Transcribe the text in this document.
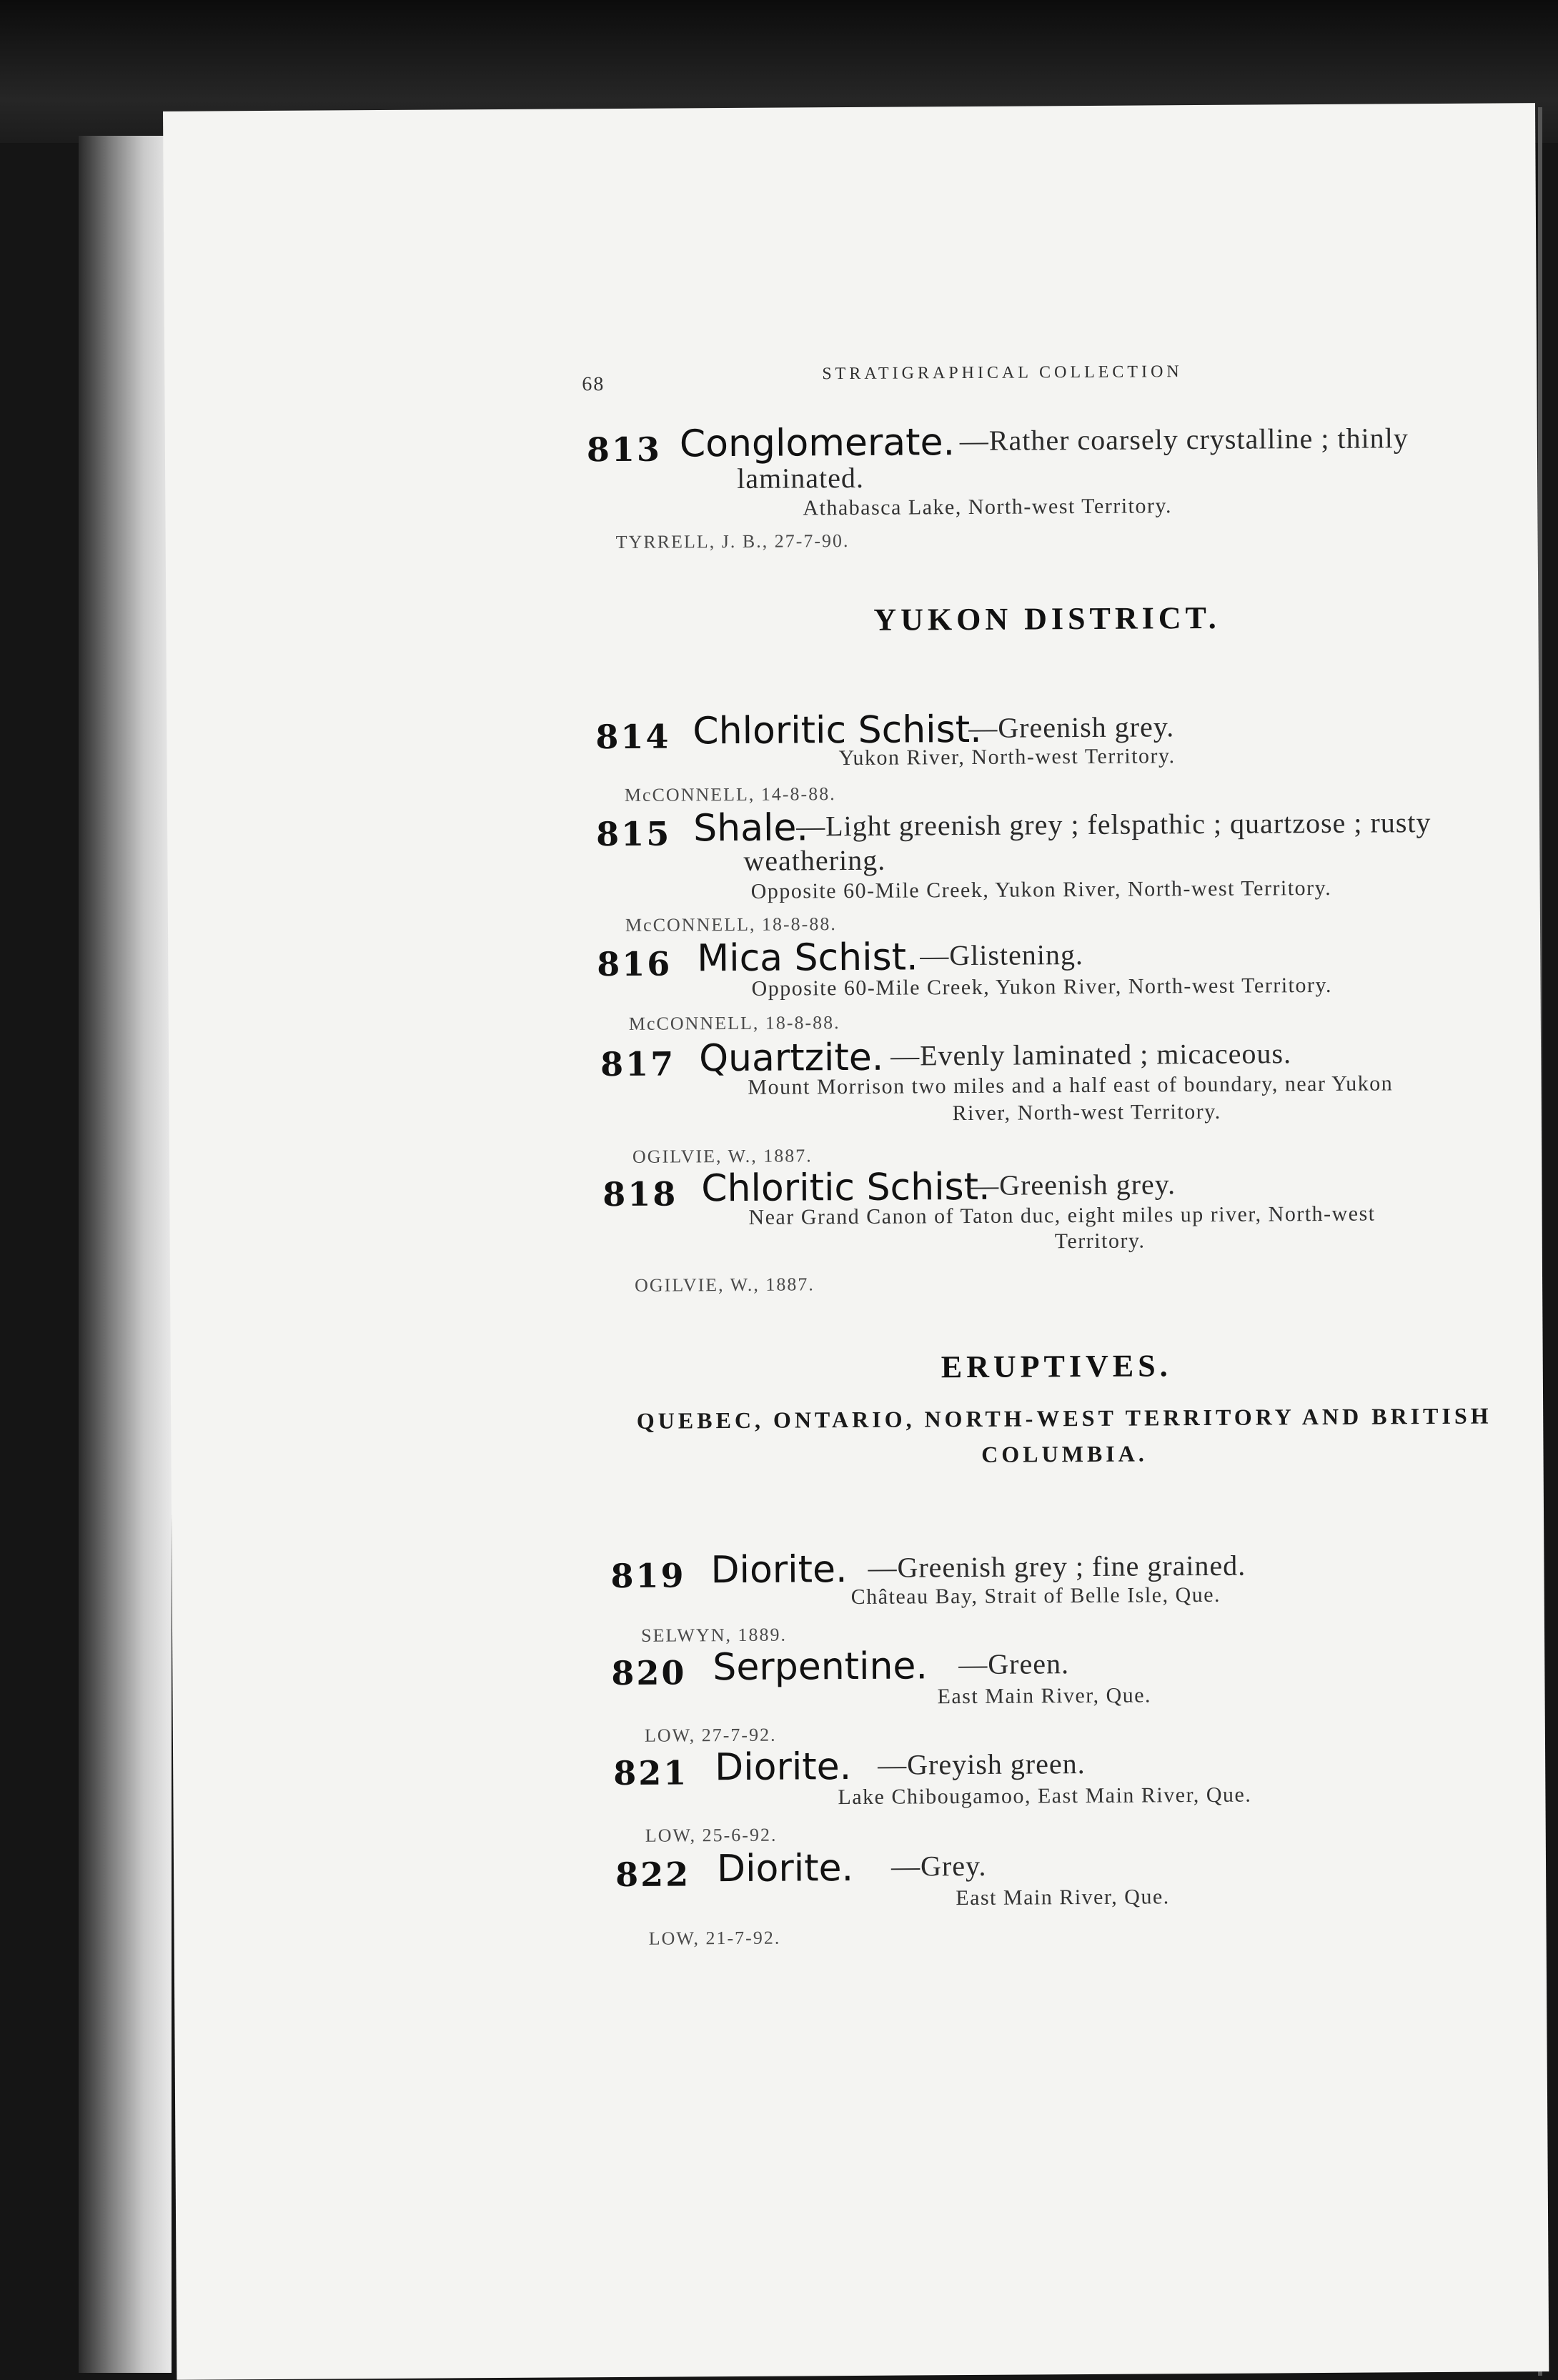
68
STRATIGRAPHICAL COLLECTION
813 Conglomerate. —Rather coarsely crystalline ; thinly
laminated.
Athabasca Lake, North-west Territory.
TYRRELL, J. B., 27-7-90.
YUKON DISTRICT.
814 Chloritic Schist.
—Greenish grey.
Yukon River, North-west Territory.
McCONNELL, 14-8-88.
815 Shale.
—Light greenish grey ; felspathic ; quartzose ; rusty
weathering.
Opposite 60-Mile Creek, Yukon River, North-west Territory.
McCONNELL, 18-8-88.
816 Mica Schist. —Glistening.
Opposite 60-Mile Creek, Yukon River, North-west Territory.
McCONNELL, 18-8-88.
817 Quartzite. —Evenly laminated ; micaceous.
Mount Morrison two miles and a half east of boundary, near Yukon
River, North-west Territory.
OGILVIE, W., 1887.
818 Chloritic Schist.
—Greenish grey.
Near Grand Canon of Taton duc, eight miles up river, North-west
Territory.
OGILVIE, W., 1887.
ERUPTIVES.
QUEBEC, ONTARIO, NORTH-WEST TERRITORY AND BRITISH
COLUMBIA.
819 Diorite. —Greenish grey ; fine grained.
Château Bay, Strait of Belle Isle, Que.
SELWYN, 1889.
820 Serpentine. —Green.
East Main River, Que.
LOW, 27-7-92.
821 Diorite. —Greyish green.
Lake Chibougamoo, East Main River, Que.
LOW, 25-6-92.
822 Diorite. —Grey.
East Main River, Que.
LOW, 21-7-92.
